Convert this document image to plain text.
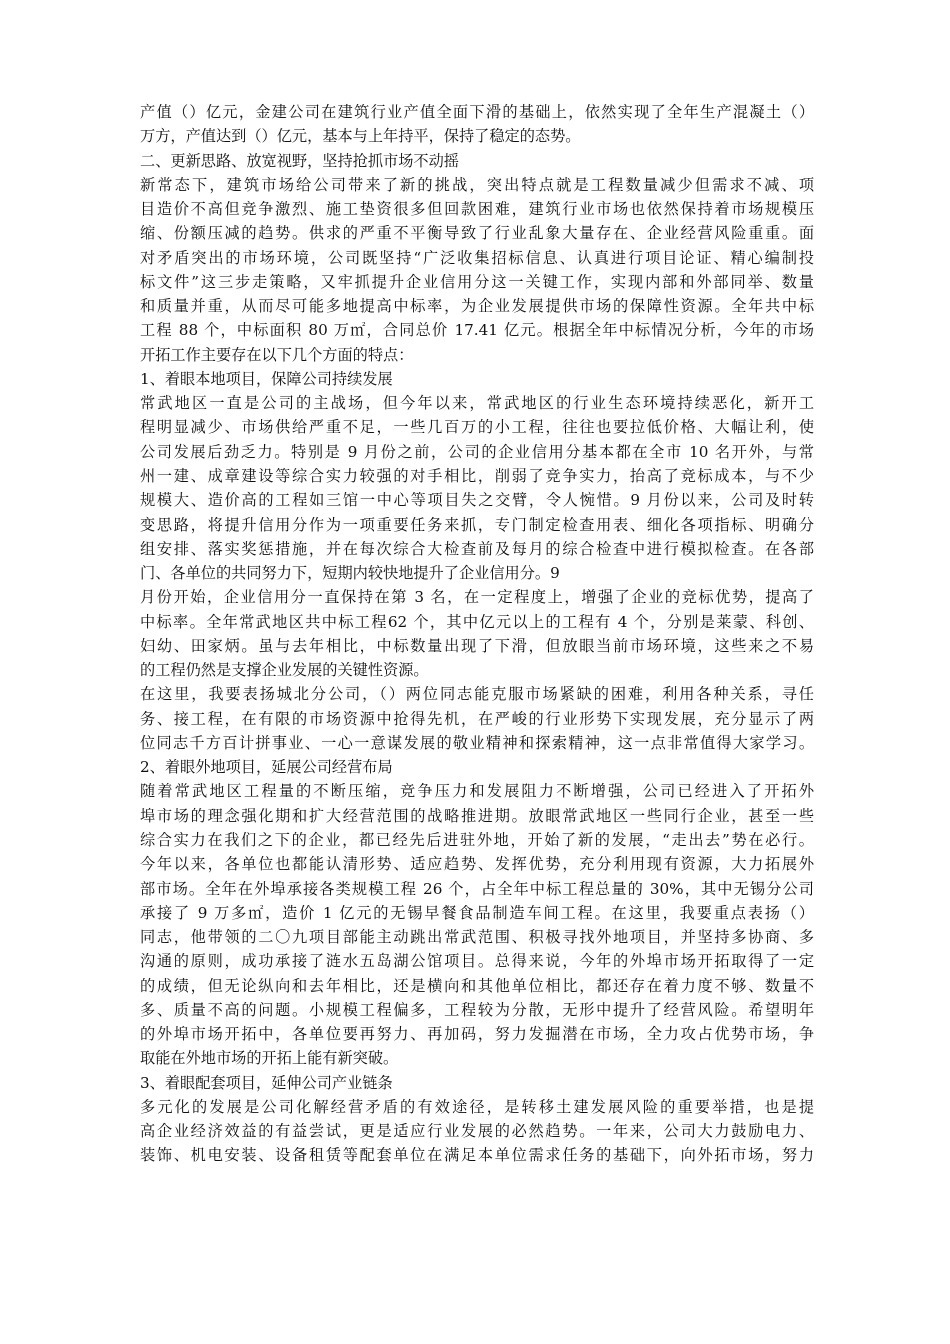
产值（）亿元，金建公司在建筑行业产值全面下滑的基础上，依然实现了全年生产混凝土（）
万方，产值达到（）亿元，基本与上年持平，保持了稳定的态势。
二、更新思路、放宽视野，坚持抢抓市场不动摇
新常态下，建筑市场给公司带来了新的挑战，突出特点就是工程数量减少但需求不减、项
目造价不高但竞争激烈、施工垫资很多但回款困难，建筑行业市场也依然保持着市场规模压
缩、份额压减的趋势。供求的严重不平衡导致了行业乱象大量存在、企业经营风险重重。面
对矛盾突出的市场环境，公司既坚持“广泛收集招标信息、认真进行项目论证、精心编制投
标文件”这三步走策略，又牢抓提升企业信用分这一关键工作，实现内部和外部同举、数量
和质量并重，从而尽可能多地提高中标率，为企业发展提供市场的保障性资源。全年共中标
工程 88 个，中标面积 80 万㎡，合同总价 17.41 亿元。根据全年中标情况分析，今年的市场
开拓工作主要存在以下几个方面的特点：
1、着眼本地项目，保障公司持续发展
常武地区一直是公司的主战场，但今年以来，常武地区的行业生态环境持续恶化，新开工
程明显减少、市场供给严重不足，一些几百万的小工程，往往也要拉低价格、大幅让利，使
公司发展后劲乏力。特别是 9 月份之前，公司的企业信用分基本都在全市 10 名开外，与常
州一建、成章建设等综合实力较强的对手相比，削弱了竞争实力，抬高了竞标成本，与不少
规模大、造价高的工程如三馆一中心等项目失之交臂，令人惋惜。9 月份以来，公司及时转
变思路，将提升信用分作为一项重要任务来抓，专门制定检查用表、细化各项指标、明确分
组安排、落实奖惩措施，并在每次综合大检查前及每月的综合检查中进行模拟检查。在各部
门、各单位的共同努力下，短期内较快地提升了企业信用分。9
月份开始，企业信用分一直保持在第 3 名，在一定程度上，增强了企业的竞标优势，提高了
中标率。全年常武地区共中标工程62 个，其中亿元以上的工程有 4 个，分别是莱蒙、科创、
妇幼、田家炳。虽与去年相比，中标数量出现了下滑，但放眼当前市场环境，这些来之不易
的工程仍然是支撑企业发展的关键性资源。
在这里，我要表扬城北分公司，（）两位同志能克服市场紧缺的困难，利用各种关系，寻任
务、接工程，在有限的市场资源中抢得先机，在严峻的行业形势下实现发展，充分显示了两
位同志千方百计拼事业、一心一意谋发展的敬业精神和探索精神，这一点非常值得大家学习。
2、着眼外地项目，延展公司经营布局
随着常武地区工程量的不断压缩，竞争压力和发展阻力不断增强，公司已经进入了开拓外
埠市场的理念强化期和扩大经营范围的战略推进期。放眼常武地区一些同行企业，甚至一些
综合实力在我们之下的企业，都已经先后进驻外地，开始了新的发展，“走出去”势在必行。
今年以来，各单位也都能认清形势、适应趋势、发挥优势，充分利用现有资源，大力拓展外
部市场。全年在外埠承接各类规模工程 26 个，占全年中标工程总量的 30%，其中无锡分公司
承接了 9 万多㎡，造价 1 亿元的无锡早餐食品制造车间工程。在这里，我要重点表扬（）
同志，他带领的二〇九项目部能主动跳出常武范围、积极寻找外地项目，并坚持多协商、多
沟通的原则，成功承接了涟水五岛湖公馆项目。总得来说，今年的外埠市场开拓取得了一定
的成绩，但无论纵向和去年相比，还是横向和其他单位相比，都还存在着力度不够、数量不
多、质量不高的问题。小规模工程偏多，工程较为分散，无形中提升了经营风险。希望明年
的外埠市场开拓中，各单位要再努力、再加码，努力发掘潜在市场，全力攻占优势市场，争
取能在外地市场的开拓上能有新突破。
3、着眼配套项目，延伸公司产业链条
多元化的发展是公司化解经营矛盾的有效途径，是转移土建发展风险的重要举措，也是提
高企业经济效益的有益尝试，更是适应行业发展的必然趋势。一年来，公司大力鼓励电力、
装饰、机电安装、设备租赁等配套单位在满足本单位需求任务的基础下，向外拓市场，努力
